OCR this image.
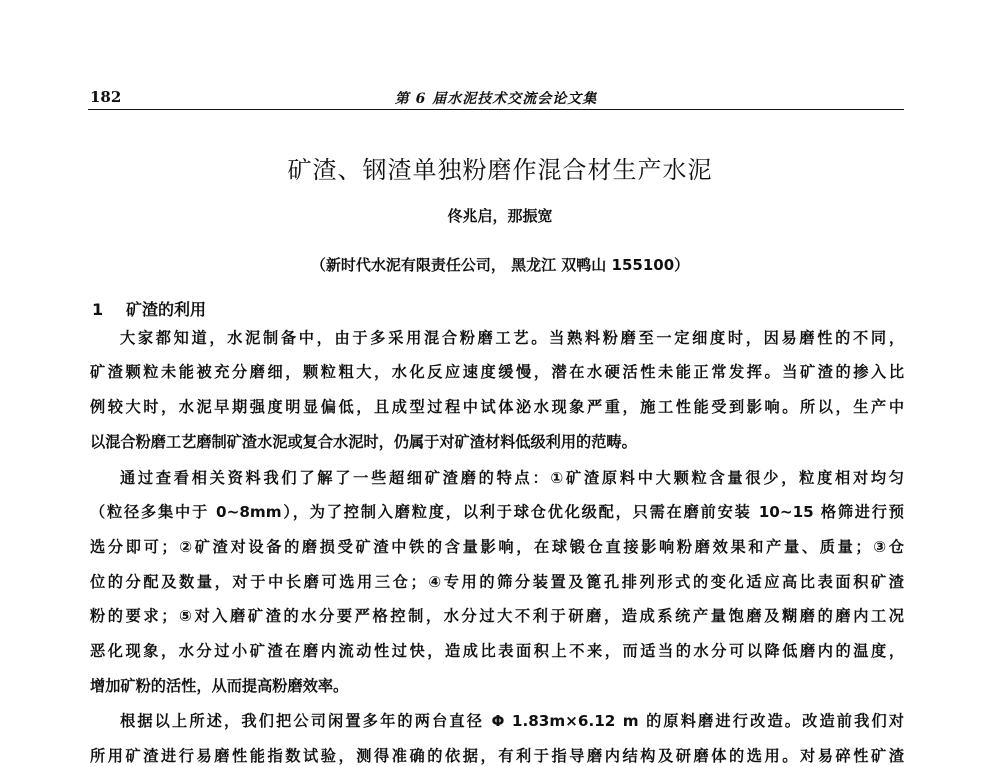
182	第 6 届水泥技术交流会论文集
矿渣、钢渣单独粉磨作混合材生产水泥
佟兆启，那振宽
（新时代水泥有限责任公司， 黑龙江 双鸭山 155100）
1 矿渣的利用
大家都知道，水泥制备中，由于多采用混合粉磨工艺。当熟料粉磨至一定细度时，因易磨性的不同，
矿渣颗粒未能被充分磨细，颗粒粗大，水化反应速度缓慢，潜在水硬活性未能正常发挥。当矿渣的掺入比
例较大时，水泥早期强度明显偏低，且成型过程中试体泌水现象严重，施工性能受到影响。所以，生产中
以混合粉磨工艺磨制矿渣水泥或复合水泥时，仍属于对矿渣材料低级利用的范畴。
通过查看相关资料我们了解了一些超细矿渣磨的特点：①矿渣原料中大颗粒含量很少，粒度相对均匀
（粒径多集中于 0~8mm），为了控制入磨粒度，以利于球仓优化级配，只需在磨前安装 10~15 格筛进行预
选分即可；②矿渣对设备的磨损受矿渣中铁的含量影响，在球锻仓直接影响粉磨效果和产量、质量；③仓
位的分配及数量，对于中长磨可选用三仓；④专用的筛分装置及篦孔排列形式的变化适应高比表面积矿渣
粉的要求；⑤对入磨矿渣的水分要严格控制，水分过大不利于研磨，造成系统产量饱磨及糊磨的磨内工况
恶化现象，水分过小矿渣在磨内流动性过快，造成比表面积上不来，而适当的水分可以降低磨内的温度，
增加矿粉的活性，从而提高粉磨效率。
根据以上所述，我们把公司闲置多年的两台直径 Φ 1.83m×6.12 m 的原料磨进行改造。改造前我们对
所用矿渣进行易磨性能指数试验，测得准确的依据，有利于指导磨内结构及研磨体的选用。对易碎性矿渣
